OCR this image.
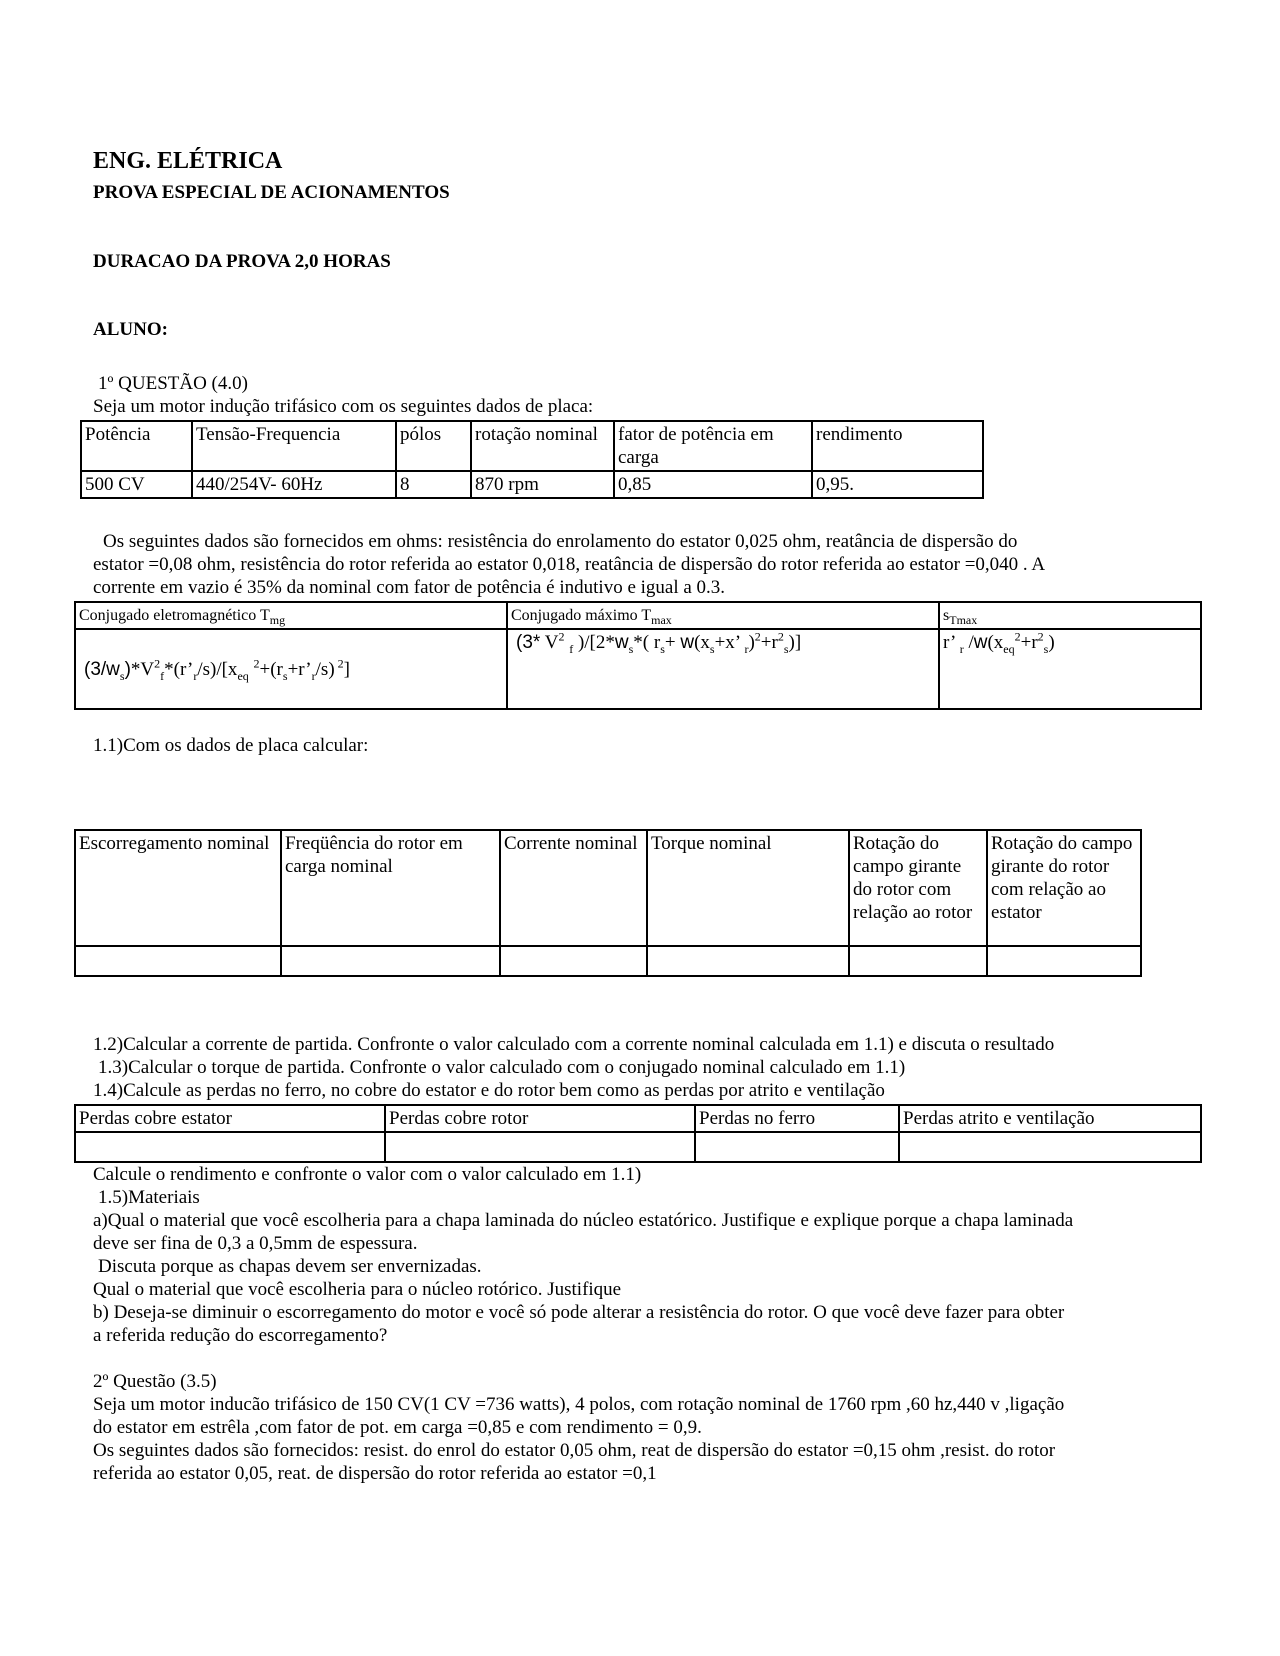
ENG. ELÉTRICA
PROVA ESPECIAL DE ACIONAMENTOS
DURACAO DA PROVA 2,0 HORAS
ALUNO:
1º QUESTÃO (4.0)
Seja um motor indução trifásico com os seguintes dados de placa:
Potência	Tensão-Frequencia	pólos	rotação nominal	fator de potência em carga	rendimento
500 CV	440/254V- 60Hz	8	870 rpm	0,85	0,95.
Os seguintes dados são fornecidos em ohms: resistência do enrolamento do estator 0,025 ohm, reatância de dispersão do
estator =0,08 ohm, resistência do rotor referida ao estator 0,018, reatância de dispersão do rotor referida ao estator =0,040 . A
corrente em vazio é 35% da nominal com fator de potência é indutivo e igual a 0.3.
Conjugado eletromagnético $T_{mg}$	Conjugado máximo $T_{max}$	$s_{Tmax}$
$(3/w_s)*V^2_f*(r’_r/s)/[x_{eq}$ $^2+(r_s+r’_r/s)$ $^2$]	(3* $V^2$ $_f$ )$/[2*w_s*$( $r_s+ w(x_s+x$’ $_r)^2+r^2_s$)]	r’ $_r$ $/w(x_{eq}^2+r^2_s)$
1.1)Com os dados de placa calcular:
Escorregamento nominal	Freqüência do rotor em carga nominal	Corrente nominal	Torque nominal	Rotação do campo girante do rotor com relação ao rotor	Rotação do campo girante do rotor com relação ao estator

1.2)Calcular a corrente de partida. Confronte o valor calculado com a corrente nominal calculada em 1.1) e discuta o resultado
1.3)Calcular o torque de partida. Confronte o valor calculado com o conjugado nominal calculado em 1.1)
1.4)Calcule as perdas no ferro, no cobre do estator e do rotor bem como as perdas por atrito e ventilação
Perdas cobre estator	Perdas cobre rotor	Perdas no ferro	Perdas atrito e ventilação

Calcule o rendimento e confronte o valor com o valor calculado em 1.1)
1.5)Materiais
a)Qual o material que você escolheria para a chapa laminada do núcleo estatórico. Justifique e explique porque a chapa laminada
deve ser fina de 0,3 a 0,5mm de espessura.
Discuta porque as chapas devem ser envernizadas.
Qual o material que você escolheria para o núcleo rotórico. Justifique
b) Deseja-se diminuir o escorregamento do motor e você só pode alterar a resistência do rotor. O que você deve fazer para obter
a referida redução do escorregamento?
2º Questão (3.5)
Seja um motor inducão trifásico de 150 CV(1 CV =736 watts), 4 polos, com rotação nominal de 1760 rpm ,60 hz,440 v ,ligação
do estator em estrêla ,com fator de pot. em carga =0,85 e com rendimento = 0,9.
Os seguintes dados são fornecidos: resist. do enrol do estator 0,05 ohm, reat de dispersão do estator =0,15 ohm ,resist. do rotor
referida ao estator 0,05, reat. de dispersão do rotor referida ao estator =0,1
